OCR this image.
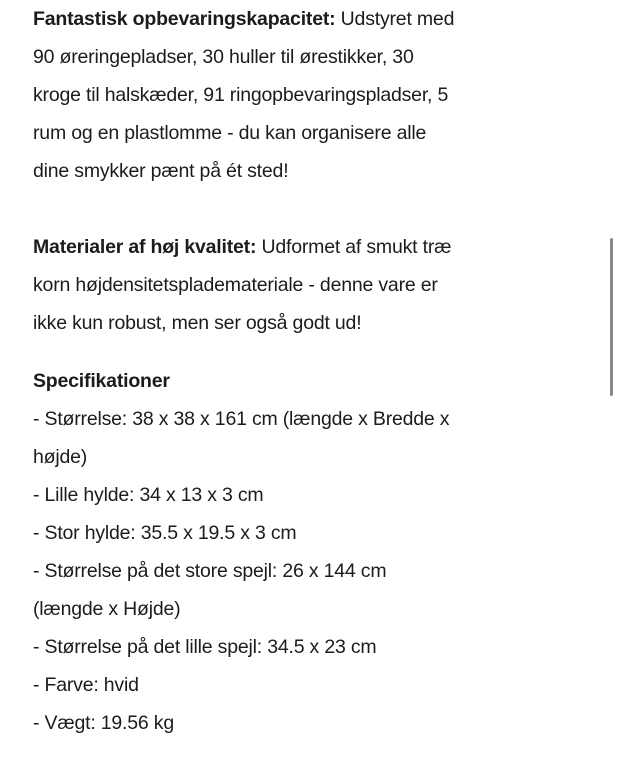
Fantastisk opbevaringskapacitet: Udstyret med
90 øreringepladser, 30 huller til ørestikker, 30
kroge til halskæder, 91 ringopbevaringspladser, 5
rum og en plastlomme - du kan organisere alle
dine smykker pænt på ét sted!
Materialer af høj kvalitet: Udformet af smukt træ
korn højdensitetsplademateriale - denne vare er
ikke kun robust, men ser også godt ud!
Specifikationer
- Størrelse: 38 x 38 x 161 cm (længde x Bredde x
højde)
- Lille hylde: 34 x 13 x 3 cm
- Stor hylde: 35.5 x 19.5 x 3 cm
- Størrelse på det store spejl: 26 x 144 cm
(længde x Højde)
- Størrelse på det lille spejl: 34.5 x 23 cm
- Farve: hvid
- Vægt: 19.56 kg
